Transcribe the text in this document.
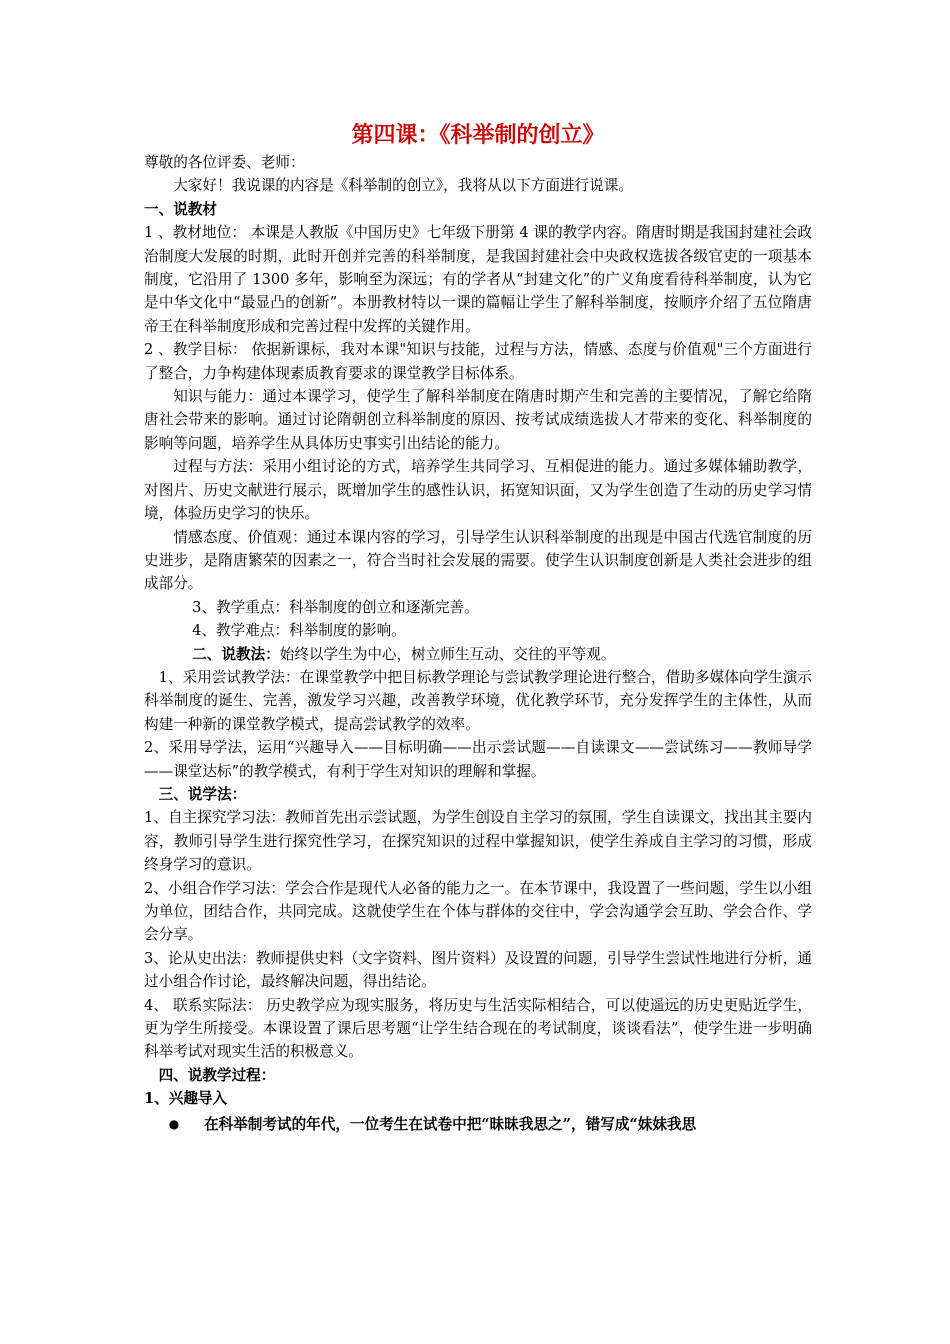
第四课：《科举制的创立》

尊敬的各位评委、老师：

大家好！我说课的内容是《科举制的创立》，我将从以下方面进行说课。

一、说教材

1 、教材地位： 本课是人教版《中国历史》七年级下册第 4 课的教学内容。隋唐时期是我国封建社会政治制度大发展的时期，此时开创并完善的科举制度，是我国封建社会中央政权选拔各级官吏的一项基本制度，它沿用了 1300 多年，影响至为深远；有的学者从“封建文化”的广义角度看待科举制度，认为它是中华文化中“最显凸的创新”。本册教材特以一课的篇幅让学生了解科举制度，按顺序介绍了五位隋唐帝王在科举制度形成和完善过程中发挥的关键作用。

2 、教学目标： 依据新课标，我对本课"知识与技能，过程与方法，情感、态度与价值观"三个方面进行了整合，力争构建体现素质教育要求的课堂教学目标体系。

知识与能力：通过本课学习，使学生了解科举制度在隋唐时期产生和完善的主要情况，了解它给隋唐社会带来的影响。通过讨论隋朝创立科举制度的原因、按考试成绩选拔人才带来的变化、科举制度的影响等问题，培养学生从具体历史事实引出结论的能力。

过程与方法：采用小组讨论的方式，培养学生共同学习、互相促进的能力。通过多媒体辅助教学，对图片、历史文献进行展示，既增加学生的感性认识，拓宽知识面，又为学生创造了生动的历史学习情境，体验历史学习的快乐。

情感态度、价值观：通过本课内容的学习，引导学生认识科举制度的出现是中国古代选官制度的历史进步，是隋唐繁荣的因素之一，符合当时社会发展的需要。使学生认识制度创新是人类社会进步的组成部分。

3、教学重点：科举制度的创立和逐渐完善。

4、教学难点：科举制度的影响。

二、说教法：始终以学生为中心，树立师生互动、交往的平等观。

1、采用尝试教学法：在课堂教学中把目标教学理论与尝试教学理论进行整合，借助多媒体向学生演示科举制度的诞生、完善，激发学习兴趣，改善教学环境，优化教学环节，充分发挥学生的主体性，从而构建一种新的课堂教学模式，提高尝试教学的效率。

2、采用导学法，运用“兴趣导入——目标明确——出示尝试题——自读课文——尝试练习——教师导学——课堂达标”的教学模式，有利于学生对知识的理解和掌握。

三、说学法：

1、自主探究学习法：教师首先出示尝试题，为学生创设自主学习的氛围，学生自读课文，找出其主要内容，教师引导学生进行探究性学习，在探究知识的过程中掌握知识，使学生养成自主学习的习惯，形成终身学习的意识。

2、小组合作学习法：学会合作是现代人必备的能力之一。在本节课中，我设置了一些问题，学生以小组为单位，团结合作，共同完成。这就使学生在个体与群体的交往中，学会沟通学会互助、学会合作、学会分享。

3、论从史出法：教师提供史料（文字资料、图片资料）及设置的问题，引导学生尝试性地进行分析，通过小组合作讨论，最终解决问题，得出结论。

4、 联系实际法： 历史教学应为现实服务，将历史与生活实际相结合，可以使遥远的历史更贴近学生，更为学生所接受。本课设置了课后思考题“让学生结合现在的考试制度，谈谈看法”，使学生进一步明确科举考试对现实生活的积极意义。

四、说教学过程：

1、兴趣导入

●	在科举制考试的年代，一位考生在试卷中把“昧昧我思之”，错写成“妹妹我思
